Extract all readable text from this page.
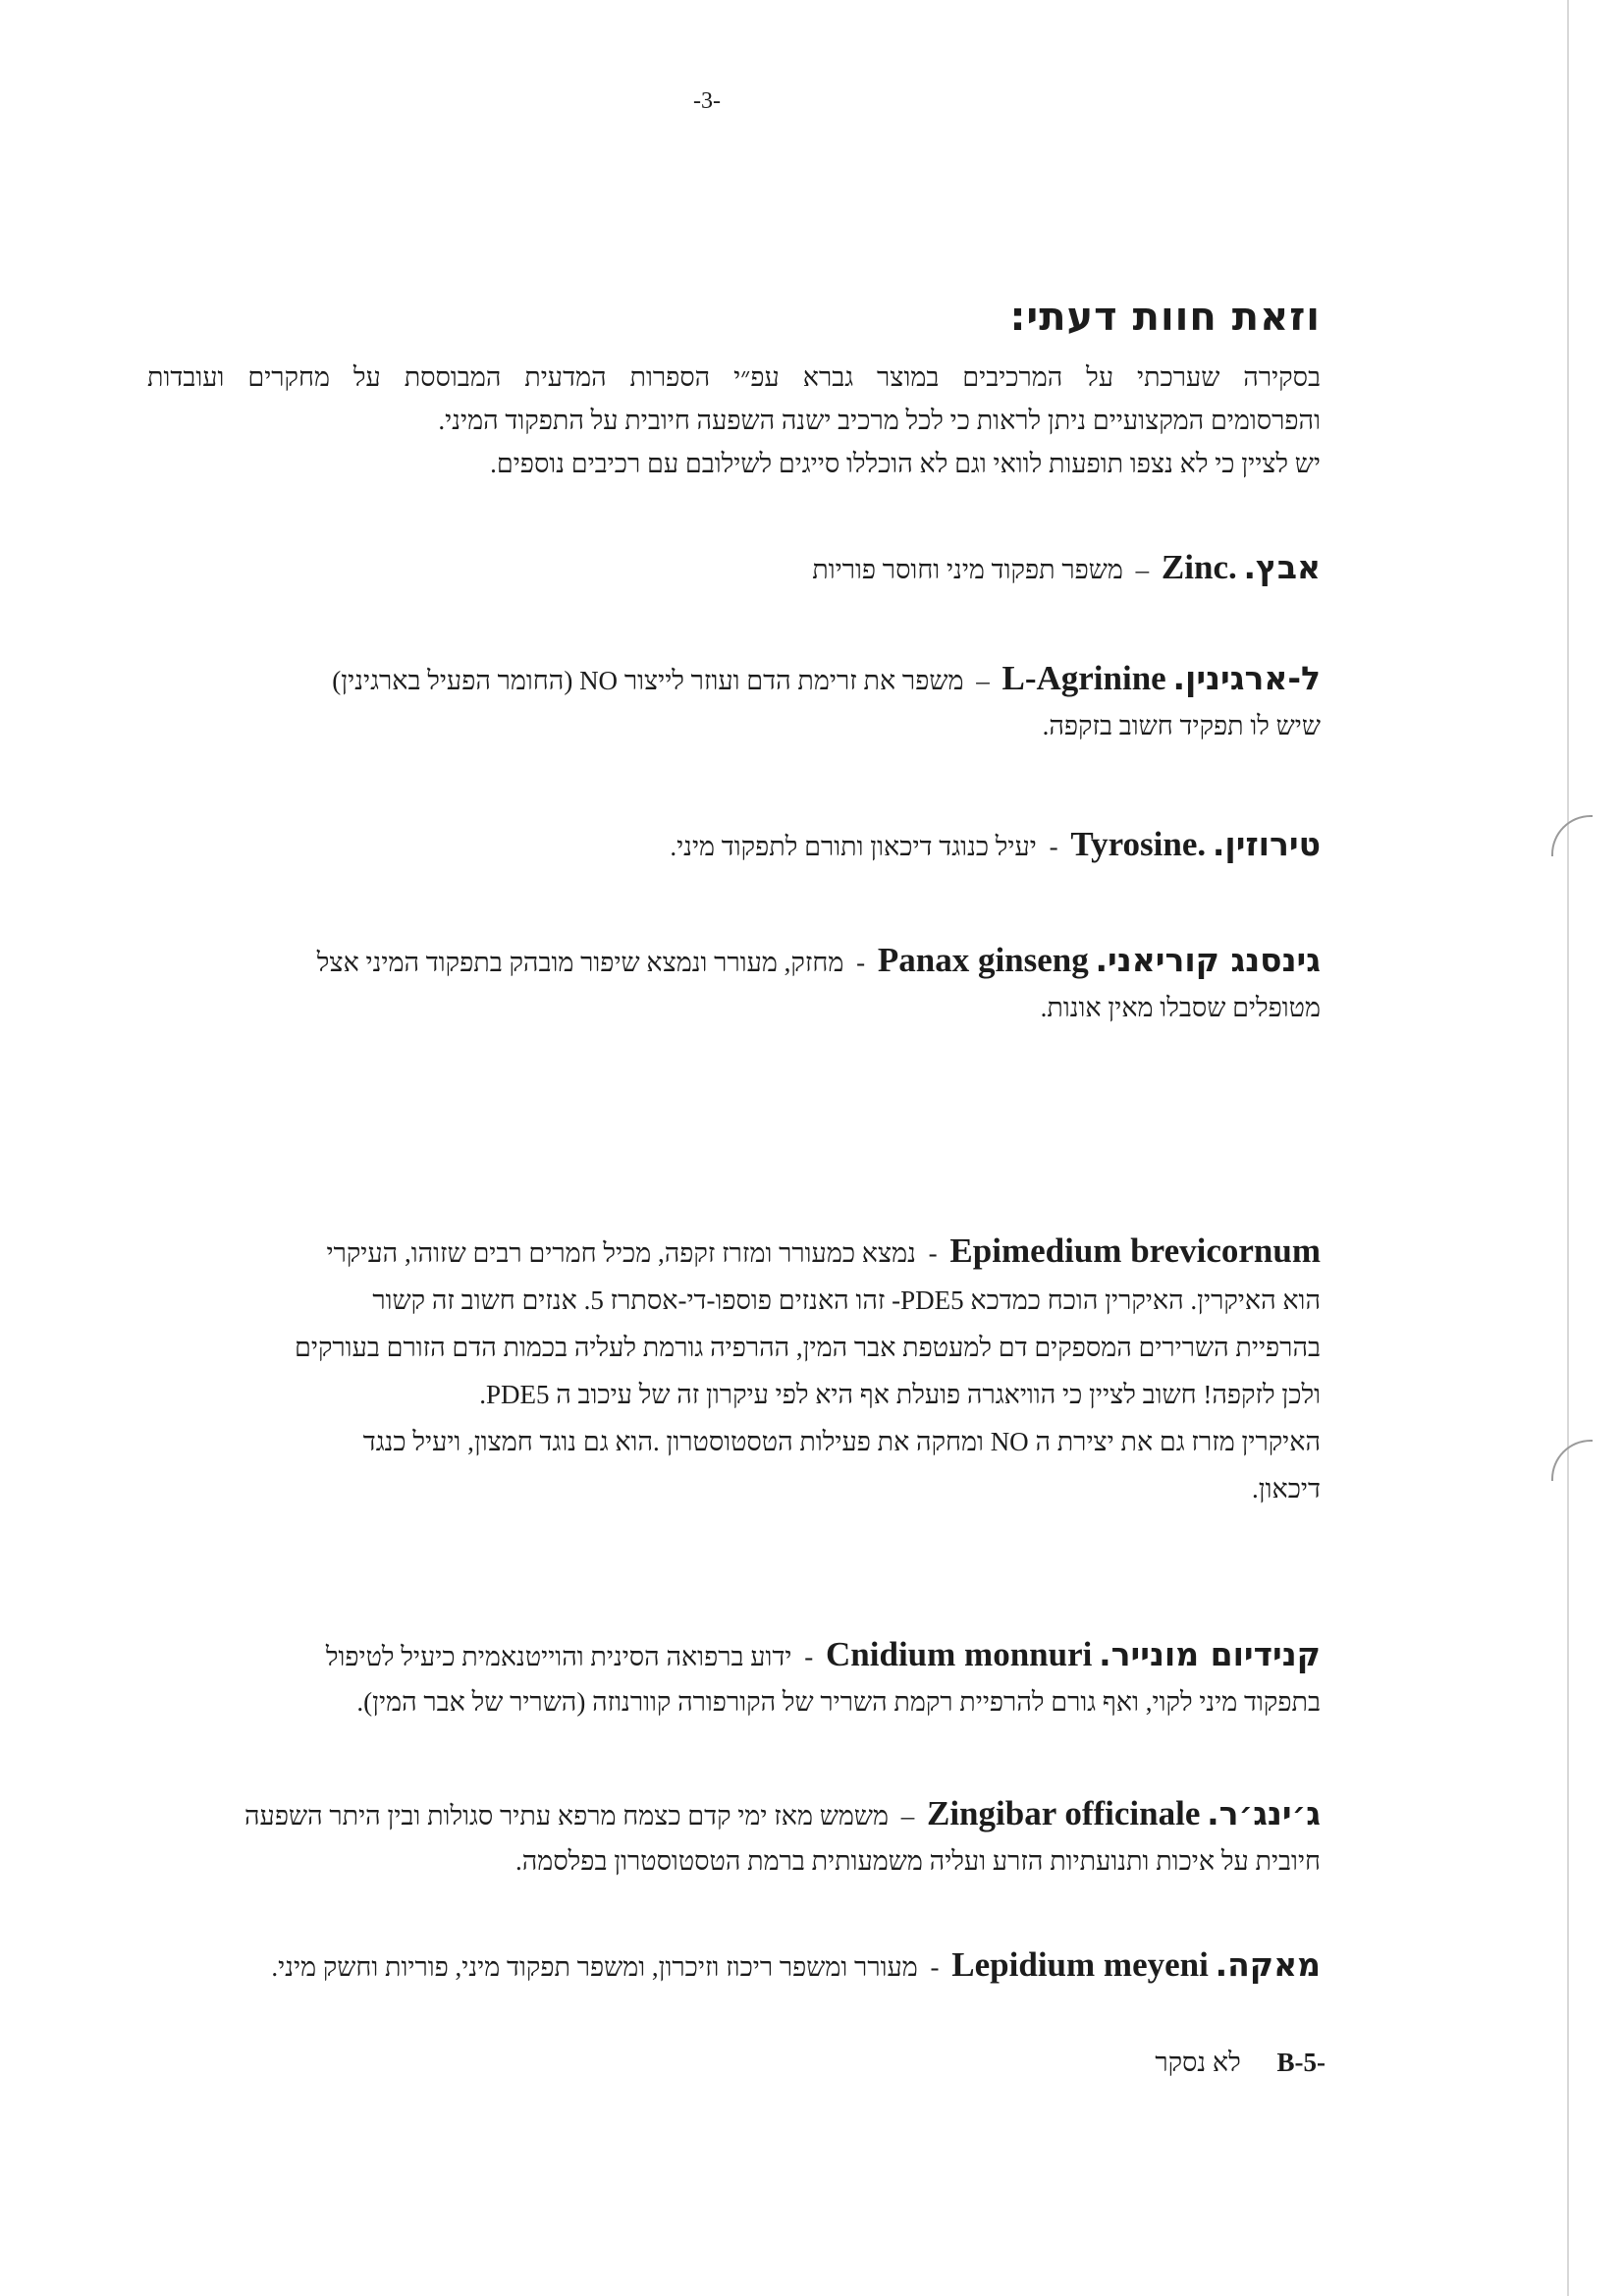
-3-
וזאת חוות דעתי:
בסקירה שערכתי על המרכיבים במוצר גברא עפ״י הספרות המדעית המבוססת על מחקרים ועובדות
והפרסומים המקצועיים ניתן לראות כי לכל מרכיב ישנה השפעה חיובית על התפקוד המיני.
יש לציין כי לא נצפו תופעות לוואי וגם לא הוכללו סייגים לשילובם עם רכיבים נוספים.

אבץ. Zinc. – משפר תפקוד מיני וחוסר פוריות

ל-ארגינין. L-Agrinine – משפר את זרימת הדם ועוזר לייצור NO (החומר הפעיל בארגינין)

שיש לו תפקיד חשוב בזקפה.

טירוזין. Tyrosine. - יעיל כנוגד דיכאון ותורם לתפקוד מיני.

גינסנג קוריאני. Panax ginseng - מחזק, מעורר ונמצא שיפור מובהק בתפקוד המיני אצל

מטופלים שסבלו מאין אונות.

Epimedium brevicornum - נמצא כמעורר ומזרז זקפה, מכיל חמרים רבים שזוהו, העיקרי

הוא האיקרין. האיקרין הוכח כמדכא PDE5- זהו האנזים פוספו-די-אסתרז 5. אנזים חשוב זה קשור

בהרפיית השרירים המספקים דם למעטפת אבר המין, ההרפיה גורמת לעליה בכמות הדם הזורם בעורקים

ולכן לזקפה! חשוב לציין כי הוויאגרה פועלת אף היא לפי עיקרון זה של עיכוב ה PDE5.

האיקרין מזרז גם את יצירת ה NO ומחקה את פעילות הטסטוסטרון .הוא גם נוגד חמצון, ויעיל כנגד

דיכאון.

קנידיום מונייר. Cnidium monnuri - ידוע ברפואה הסינית והוייטנאמית כיעיל לטיפול

בתפקוד מיני לקוי, ואף גורם להרפיית רקמת השריר של הקורפורה קוורנוזה (השריר של אבר המין).

ג׳ינג׳ר. Zingibar officinale – משמש מאז ימי קדם כצמח מרפא עתיר סגולות ובין היתר השפעה

חיובית על איכות ותנועתיות הזרע ועליה משמעותית ברמת הטסטוסטרון בפלסמה.

מאקה. Lepidium meyeni - מעורר ומשפר ריכוז וזיכרון, ומשפר תפקוד מיני, פוריות וחשק מיני.

B-5- לא נסקר
